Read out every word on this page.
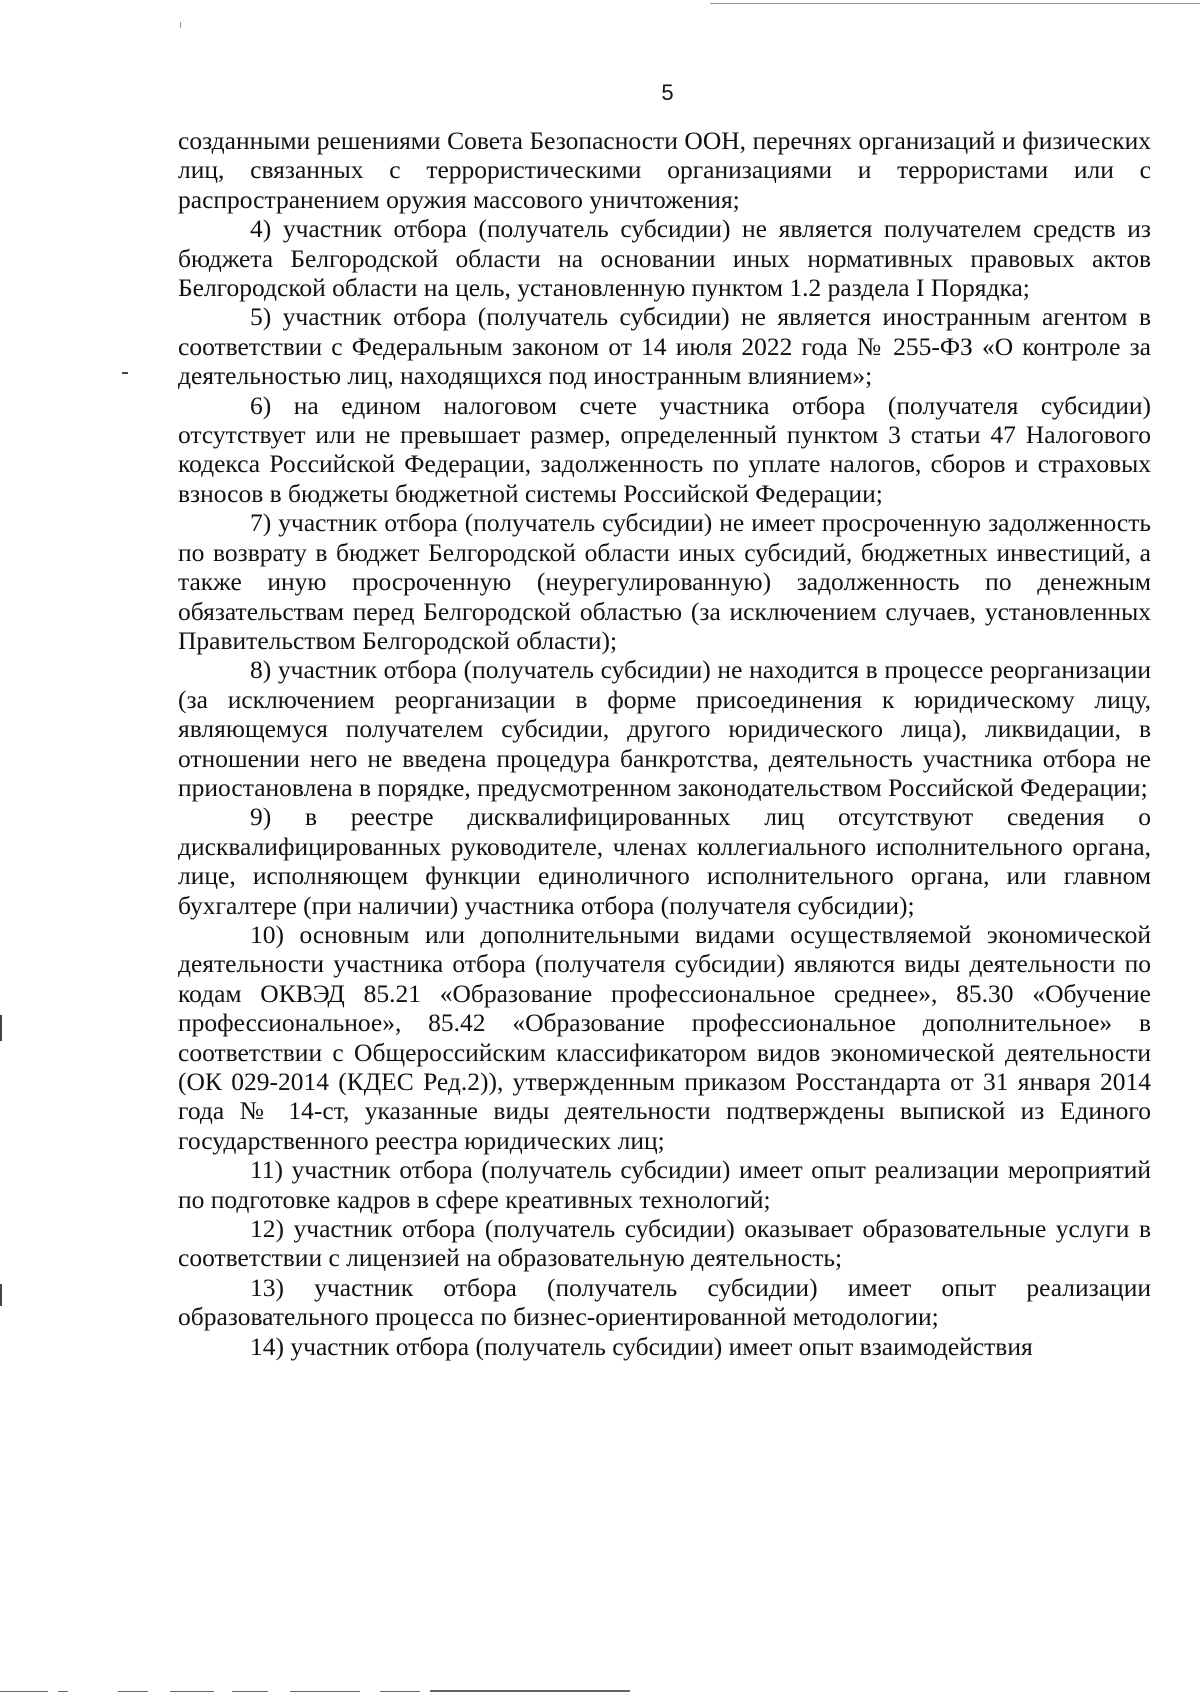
5

созданными решениями Совета Безопасности ООН, перечнях организаций и физических лиц, связанных с террористическими организациями и террористами или с распространением оружия массового уничтожения;

4) участник отбора (получатель субсидии) не является получателем средств из бюджета Белгородской области на основании иных нормативных правовых актов Белгородской области на цель, установленную пунктом 1.2 раздела I Порядка;

5) участник отбора (получатель субсидии) не является иностранным агентом в соответствии с Федеральным законом от 14 июля 2022 года № 255-ФЗ «О контроле за деятельностью лиц, находящихся под иностранным влиянием»;

6) на едином налоговом счете участника отбора (получателя субсидии) отсутствует или не превышает размер, определенный пунктом 3 статьи 47 Налогового кодекса Российской Федерации, задолженность по уплате налогов, сборов и страховых взносов в бюджеты бюджетной системы Российской Федерации;

7) участник отбора (получатель субсидии) не имеет просроченную задолженность по возврату в бюджет Белгородской области иных субсидий, бюджетных инвестиций, а также иную просроченную (неурегулированную) задолженность по денежным обязательствам перед Белгородской областью (за исключением случаев, установленных Правительством Белгородской области);

8) участник отбора (получатель субсидии) не находится в процессе реорганизации (за исключением реорганизации в форме присоединения к юридическому лицу, являющемуся получателем субсидии, другого юридического лица), ликвидации, в отношении него не введена процедура банкротства, деятельность участника отбора не приостановлена в порядке, предусмотренном законодательством Российской Федерации;

9) в реестре дисквалифицированных лиц отсутствуют сведения о дисквалифицированных руководителе, членах коллегиального исполнительного органа, лице, исполняющем функции единоличного исполнительного органа, или главном бухгалтере (при наличии) участника отбора (получателя субсидии);

10) основным или дополнительными видами осуществляемой экономической деятельности участника отбора (получателя субсидии) являются виды деятельности по кодам ОКВЭД 85.21 «Образование профессиональное среднее», 85.30 «Обучение профессиональное», 85.42 «Образование профессиональное дополнительное» в соответствии с Общероссийским классификатором видов экономической деятельности (ОК 029-2014 (КДЕС Ред.2)), утвержденным приказом Росстандарта от 31 января 2014 года № 14-ст, указанные виды деятельности подтверждены выпиской из Единого государственного реестра юридических лиц;

11) участник отбора (получатель субсидии) имеет опыт реализации мероприятий по подготовке кадров в сфере креативных технологий;

12) участник отбора (получатель субсидии) оказывает образовательные услуги в соответствии с лицензией на образовательную деятельность;

13) участник отбора (получатель субсидии) имеет опыт реализации образовательного процесса по бизнес-ориентированной методологии;

14) участник отбора (получатель субсидии) имеет опыт взаимодействия
